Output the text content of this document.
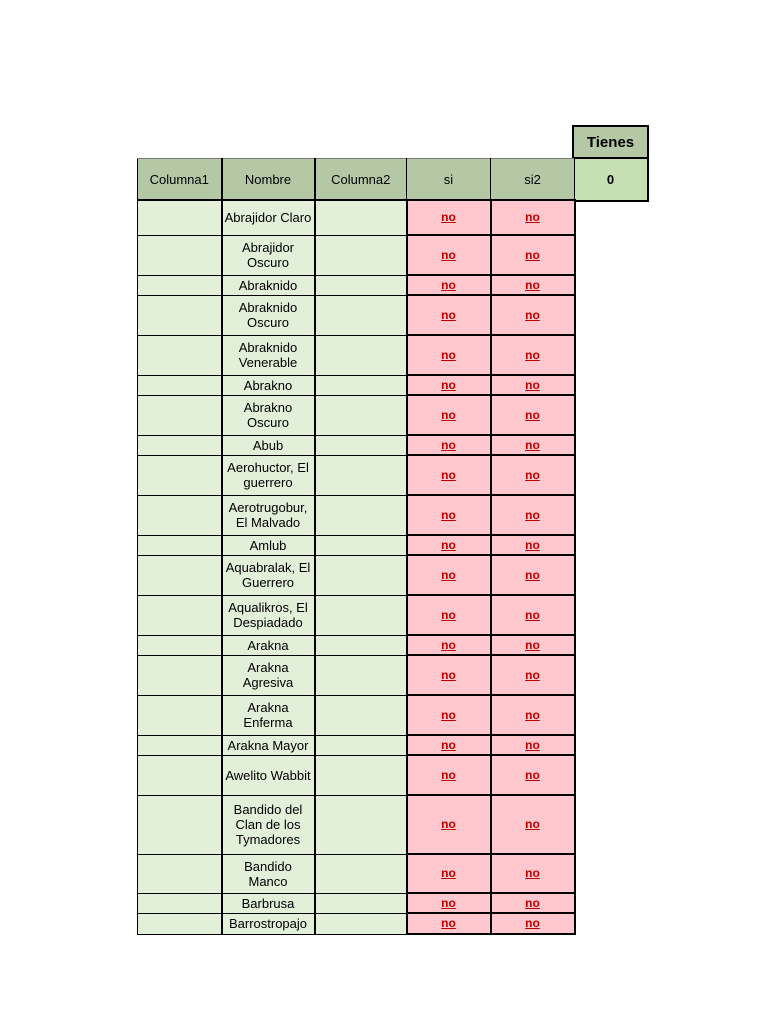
Tienes
0
Columna1	Nombre	Columna2	si	si2
	Abrajidor Claro		no	no
	Abrajidor Oscuro		no	no
	Abraknido		no	no
	Abraknido Oscuro		no	no
	Abraknido Venerable		no	no
	Abrakno		no	no
	Abrakno Oscuro		no	no
	Abub		no	no
	Aerohuctor, El guerrero		no	no
	Aerotrugobur, El Malvado		no	no
	Amlub		no	no
	Aquabralak, El Guerrero		no	no
	Aqualikros, El Despiadado		no	no
	Arakna		no	no
	Arakna Agresiva		no	no
	Arakna Enferma		no	no
	Arakna Mayor		no	no
	Awelito Wabbit		no	no
	Bandido del Clan de los Tymadores		no	no
	Bandido Manco		no	no
	Barbrusa		no	no
	Barrostropajo		no	no
